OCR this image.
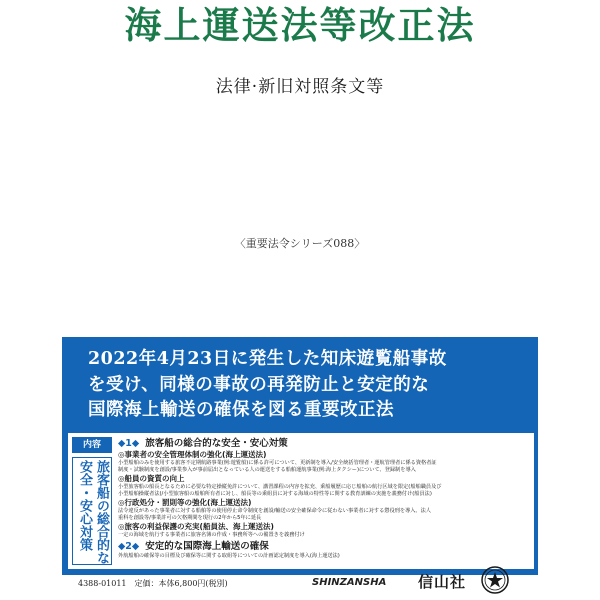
海上運送法等改正法
法律·新旧対照条文等
〈重要法令シリーズ088〉
2022年4月23日に発生した知床遊覧船事故
を受け、同様の事故の再発防止と安定的な
国際海上輸送の確保を図る重要改正法
内容
旅客船の総合的な
安全・安心対策
◆1◆ 旅客船の総合的な安全・安心対策
◎事業者の安全管理体制の強化(海上運送法)
小型船舶のみを使用する旅客不定期航路事業(例:遊覧船)に係る許可について、更新制を導入/安全統括管理者・運航管理者に係る資格者証
制度・試験制度を創設/事業参入が事前届出となっている人の運送をする船舶運航事業(例:海上タクシー)について、登録制を導入
◎船員の資質の向上
小型旅客船の船長となるために必要な特定操縦免許について、講習課程の内容を拡充、乗船履歴に応じ船舶の航行区域を限定(船舶職員及び
小型船舶操縦者法)/小型旅客船の船舶所有者に対し、船長等の乗組員に対する海域の特性等に関する教育訓練の実施を義務付け(船員法)
◎行政処分・罰則等の強化(海上運送法)
法令違反があった事業者に対する船舶等の使用停止命令制度を創設/輸送の安全確保命令に従わない事業者に対する懲役刑を導入、法人
重科を創設等/事業許可の欠格期間を現行の2年から5年に延長
◎旅客の利益保護の充実(船員法、海上運送法)
一定の海域を航行する事業者に旅客名簿の作成・事務所等への備置きを義務付け
◆2◆ 安定的な国際海上輸送の確保
外航船舶の確保等の目標及び確保等に関する取組等についての計画認定制度を導入(海上運送法)
4388-01011　定価：本体6,800円(税別)	SHINZANSHA 信山社
